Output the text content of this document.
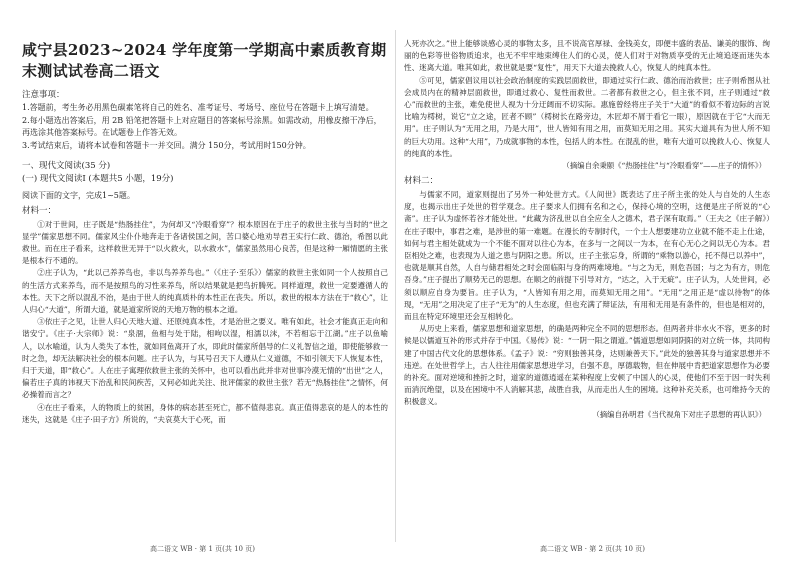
咸宁县2023~2024 学年度第一学期高中素质教育期末测试试卷高二语文
注意事项：

1.答题前，考生务必用黑色碳素笔将自己的姓名、准考证号、考场号、座位号在答题卡上填写清楚。

2.每小题选出答案后，用 2B 铅笔把答题卡上对应题目的答案标号涂黑。如需改动，用橡皮擦干净后，再选涂其他答案标号。在试题卷上作答无效。

3.考试结束后，请将本试卷和答题卡一并交回。满分 150分，考试用时150分钟。

一、现代文阅读(35 分)
(一) 现代文阅读Ⅰ (本题共5 小题，19分)
阅读下面的文字，完成1~5题。
材料一：

①对于世间，庄子既是“热肠挂住”，为何却又“冷眼看穿”？根本原因在于庄子的救世主张与当时的“世之显学”儒家思想不同。儒家风尘仆仆地奔走于各诸侯国之间，苦口婆心地劝导君王实行仁政、德治，希图以此救世。而在庄子看来，这样救世无异于“以火救火，以水救水”，儒家虽然用心良苦，但是这种一厢情愿的主张是根本行不通的。

②庄子认为，“此以己养养鸟也，非以鸟养养鸟也。”（《庄子·至乐》）儒家的救世主张如同一个人按照自己的生活方式来养鸟，而不是按照鸟的习性来养鸟，所以结果就是把鸟折腾死。同样道理，救世一定要遵循人的本性。天下之所以混乱不治，是由于世人的纯真质朴的本性正在丧失。所以，救世的根本方法在于“救心”，让人归心“大道”，所谓大道，就是道家所说的天地万物的根本之道。

③依庄子之见，让世人归心天地大道、还原纯真本性，才是治世之要义。唯有如此，社会才能真正走向和谐安宁。《庄子·大宗师》说：“泉涸，鱼相与处于陆，相呴以湿，相濡以沫，不若相忘于江湖。”庄子以鱼喻人，以水喻道，认为人类失了本性，就如同鱼离开了水，即此时儒家所倡导的仁义礼智信之道，即使能够救一时之急，却无法解决社会的根本问题。庄子认为，与其号召天下人遵从仁义道德，不如引领天下人恢复本性，归于天道，即“救心”。人在庄子寓理依救世主张的关怀中，也可以看出此并非对世事冷漠无情的“出世”之人，偏若庄子真的讳视天下治乱和民间疾苦，又何必如此关注、批评儒家的救世主张？若无“热肠挂住”之情怀，何必操着而言之？

④在庄子看来，人的物质上的贫困，身体的病态甚至死亡，都不值得悲哀。真正值得悲哀的是人的本性的迷失，这就是《庄子·田子方》所说的，“夫哀莫大于心死，而

人死亦次之。”世上能够谈感心灵的事物太多，且不说高官厚禄、金钱美女，即便丰盛的表品、谦美的服饰、绚丽的色彩等世俗物质追求，也无不牢牢地束缚住人们的心灵，使人们对于对物质享受的无止境追逐而迷失本性、迷离大道。唯其如此，救世就是要“复性”，用天下大道去挽救人心，恢复人的纯真本性。

⑤可见，儒家倡议用以社会政治制度的实践层面救世，即通过实行仁政、德治而治救世；庄子则希图从社会成员内在的精神层面救世，即通过救心、复性而救世。二者都有救世之心，但主张不同，庄子则通过“救心”而救世的主张，难免使世人视为十分迂阔而不切实际。惠施曾经将庄子关于“大道”的看似不着边际的言说比喻为樗树，说它“立之途，匠者不顾”（樗树长在路旁边，木匠却不屑于看它一眼），原因就在于它“大而无用”。庄子则认为“无用之用，乃是大用”，世人皆知有用之用，而莫知无用之用。其实大道具有为世人所不知的巨大功用。这种“大用”，乃成就事物的本性，包括人的本性。在混乱的世，唯有大道可以挽救人心、恢复人的纯真的本性。

（摘编自余秉颐《“热肠挂住”与“冷眼看穿”——庄子的情怀》）
材料二：

与儒家不同，道家则提出了另外一种处世方式。《人间世》既表达了庄子所主张的处人与自处的人生态度，也揭示出庄子处世的哲学观念。庄子要求人们拥有名和之心，保持心境的空明，这便是庄子所说的“心斋”。庄子认为虚怀若谷才能处世。“此藏为济乱世以自全应全人之德术，君子深有取焉。”（王夫之《庄子解》）在庄子眼中，事君之难，是涉世的第一难题。在漫长的专制时代，一个士人想要建功立业就不能不走上仕途，如何与君主相处就成为一个不能不面对以往心为本，在多与一之间以一为本，在有心无心之间以无心为本。君臣相处之难，也表现为人道之患与阴阳之患。所以，庄子主张忘身，所谓的“乘物以游心，托不得已以养中”，也就是顺其自然，人自与储君相处之时会面临阳与身的两难境地。“与之为无，则危吾国；与之为有方，则危吾身。”庄子提出了顺势无己的思想。在顺之的前提下引导对方，“达之，入于无疵”。庄子认为，人处世间，必须以顺应自身为要旨。庄子认为，“人皆知有用之用，而莫知无用之用”。“无用”之用正是“虚以待物”的体现，“无用”之用决定了庄子“无为”的人生态度，但也充满了辩证法，有用和无用是有条件的，但也是相对的，而且在特定环境里还会互相转化。

从历史上来看，儒家思想和道家思想，的确是两种完全不同的思想形态。但两者并非水火不容，更多的时候是以儒道互补的形式并存于中国。《易传》说：“一阴一阳之谓道。”儒道思想如同阴阳的对立统一体，共同构建了中国古代文化的思想体系。《孟子》说：“穷则独善其身，达则兼善天下。”此处的独善其身与道家思想并不违逆。在处世哲学上，古人往往用儒家思想进学习，自强不息，厚德载物，但在伸展中肯把道家思想作为必要的补充。面对逆境和挫折之时，道家的道德逍遥在某种程度上安顿了中国人的心灵，使他们不至于因一时失利而消沉绝望，以及在困境中不人消解其悲，战胜自我，从而走出人生的困境。这种补充关系，也可维持今天的积极意义。

（摘编自孙明君《当代视角下对庄子思想的再认识》）
高二语文 WB · 第 1 页(共 10 页)	高二语文 WB · 第 2 页(共 10 页)
